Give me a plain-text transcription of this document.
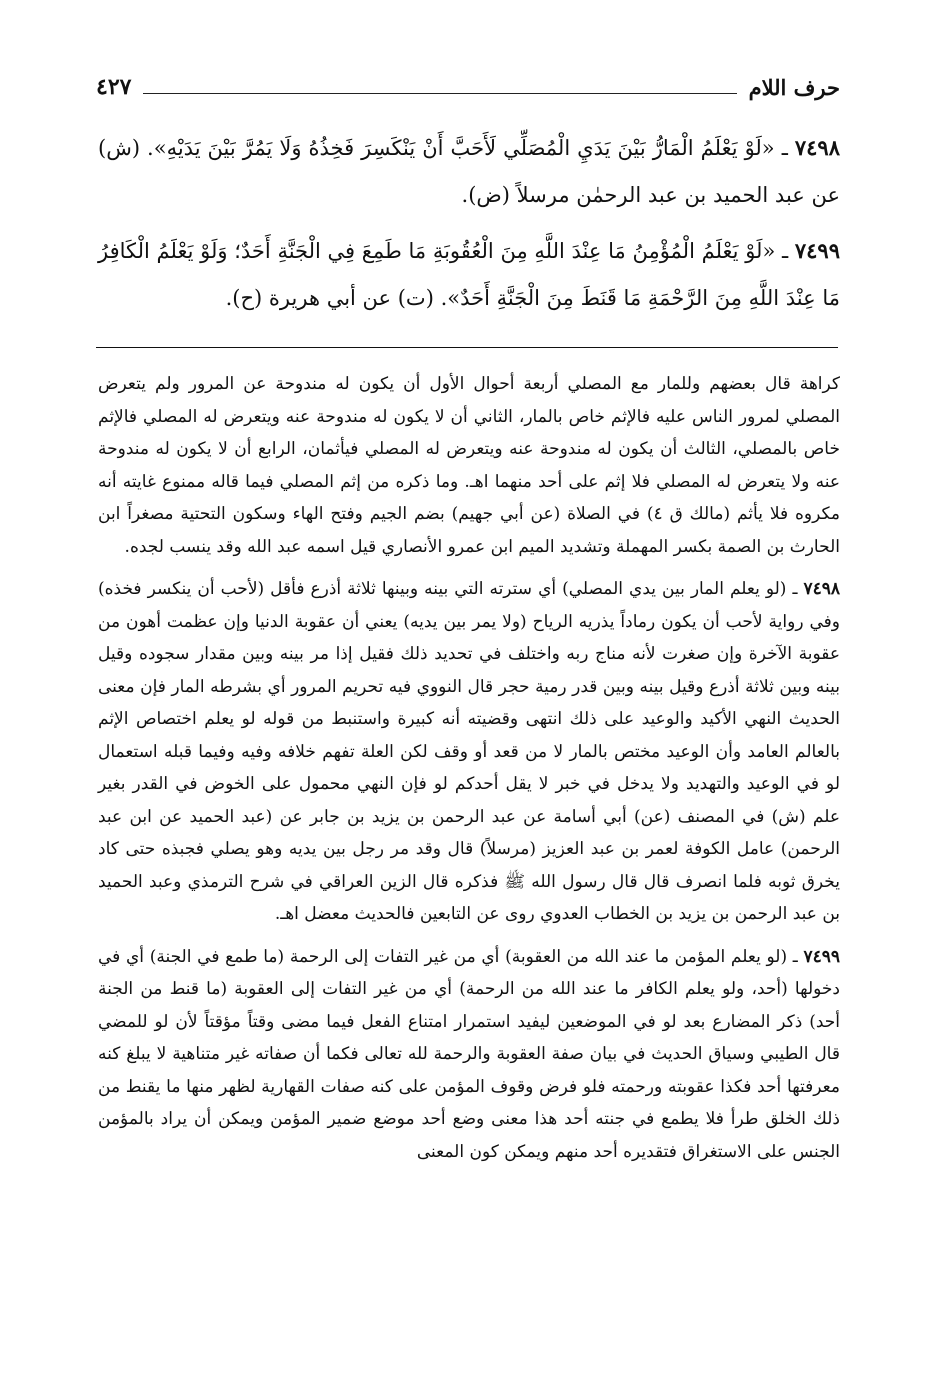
حرف اللام
٤٢٧

٧٤٩٨ ـ «لَوْ يَعْلَمُ الْمَارُّ بَيْنَ يَدَيِ الْمُصَلِّي لَأَحَبَّ أَنْ يَنْكَسِرَ فَخِذُهُ وَلَا يَمُرَّ بَيْنَ يَدَيْهِ». (ش) عن عبد الحميد بن عبد الرحمٰن مرسلاً (ض).

٧٤٩٩ ـ «لَوْ يَعْلَمُ الْمُؤْمِنُ مَا عِنْدَ اللَّهِ مِنَ الْعُقُوبَةِ مَا طَمِعَ فِي الْجَنَّةِ أَحَدٌ؛ وَلَوْ يَعْلَمُ الْكَافِرُ مَا عِنْدَ اللَّهِ مِنَ الرَّحْمَةِ مَا قَنَطَ مِنَ الْجَنَّةِ أَحَدٌ». (ت) عن أبي هريرة (ح).

كراهة قال بعضهم وللمار مع المصلي أربعة أحوال الأول أن يكون له مندوحة عن المرور ولم يتعرض المصلي لمرور الناس عليه فالإثم خاص بالمار، الثاني أن لا يكون له مندوحة عنه ويتعرض له المصلي فالإثم خاص بالمصلي، الثالث أن يكون له مندوحة عنه ويتعرض له المصلي فيأثمان، الرابع أن لا يكون له مندوحة عنه ولا يتعرض له المصلي فلا إثم على أحد منهما اهـ. وما ذكره من إثم المصلي فيما قاله ممنوع غايته أنه مكروه فلا يأثم (مالك ق ٤) في الصلاة (عن أبي جهيم) بضم الجيم وفتح الهاء وسكون التحتية مصغراً ابن الحارث بن الصمة بكسر المهملة وتشديد الميم ابن عمرو الأنصاري قيل اسمه عبد الله وقد ينسب لجده.

٧٤٩٨ ـ (لو يعلم المار بين يدي المصلي) أي سترته التي بينه وبينها ثلاثة أذرع فأقل (لأحب أن ينكسر فخذه) وفي رواية لأحب أن يكون رماداً يذريه الرياح (ولا يمر بين يديه) يعني أن عقوبة الدنيا وإن عظمت أهون من عقوبة الآخرة وإن صغرت لأنه مناج ربه واختلف في تحديد ذلك فقيل إذا مر بينه وبين مقدار سجوده وقيل بينه وبين ثلاثة أذرع وقيل بينه وبين قدر رمية حجر قال النووي فيه تحريم المرور أي بشرطه المار فإن معنى الحديث النهي الأكيد والوعيد على ذلك انتهى وقضيته أنه كبيرة واستنبط من قوله لو يعلم اختصاص الإثم بالعالم العامد وأن الوعيد مختص بالمار لا من قعد أو وقف لكن العلة تفهم خلافه وفيه وفيما قبله استعمال لو في الوعيد والتهديد ولا يدخل في خبر لا يقل أحدكم لو فإن النهي محمول على الخوض في القدر بغير علم (ش) في المصنف (عن) أبي أسامة عن عبد الرحمن بن يزيد بن جابر عن (عبد الحميد عن ابن عبد الرحمن) عامل الكوفة لعمر بن عبد العزيز (مرسلاً) قال وقد مر رجل بين يديه وهو يصلي فجبذه حتى كاد يخرق ثوبه فلما انصرف قال قال رسول الله ﷺ فذكره قال الزين العراقي في شرح الترمذي وعبد الحميد بن عبد الرحمن بن يزيد بن الخطاب العدوي روى عن التابعين فالحديث معضل اهـ.

٧٤٩٩ ـ (لو يعلم المؤمن ما عند الله من العقوبة) أي من غير التفات إلى الرحمة (ما طمع في الجنة) أي في دخولها (أحد، ولو يعلم الكافر ما عند الله من الرحمة) أي من غير التفات إلى العقوبة (ما قنط من الجنة أحد) ذكر المضارع بعد لو في الموضعين ليفيد استمرار امتناع الفعل فيما مضى وقتاً مؤقتاً لأن لو للمضي قال الطيبي وسياق الحديث في بيان صفة العقوبة والرحمة لله تعالى فكما أن صفاته غير متناهية لا يبلغ كنه معرفتها أحد فكذا عقوبته ورحمته فلو فرض وقوف المؤمن على كنه صفات القهارية لظهر منها ما يقنط من ذلك الخلق طرأ فلا يطمع في جنته أحد هذا معنى وضع أحد موضع ضمير المؤمن ويمكن أن يراد بالمؤمن الجنس على الاستغراق فتقديره أحد منهم ويمكن كون المعنى
